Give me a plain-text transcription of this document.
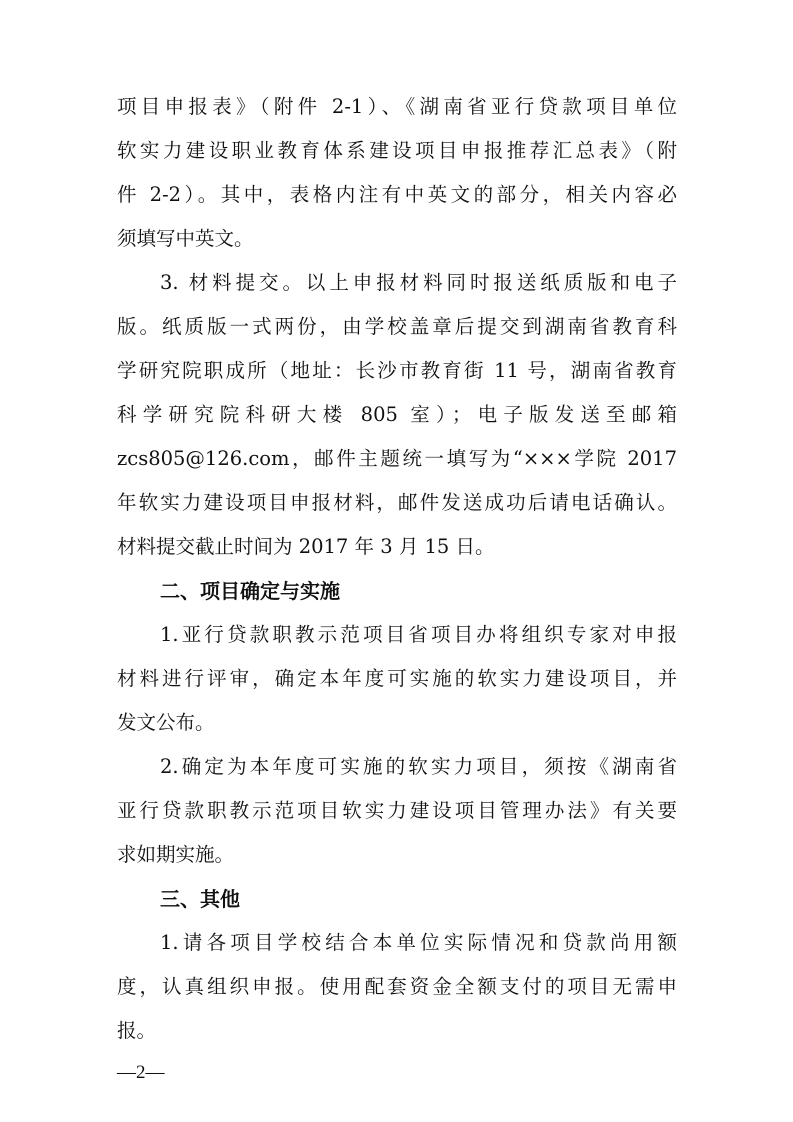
项目申报表》（附件 2-1）、《湖南省亚行贷款项目单位
软实力建设职业教育体系建设项目申报推荐汇总表》（附
件 2-2）。其中，表格内注有中英文的部分，相关内容必
须填写中英文。
3. 材料提交。以上申报材料同时报送纸质版和电子
版。纸质版一式两份，由学校盖章后提交到湖南省教育科
学研究院职成所（地址：长沙市教育街 11 号，湖南省教育
科学研究院科研大楼 805 室）；电子版发送至邮箱
zcs805@126.com，邮件主题统一填写为“×××学院 2017
年软实力建设项目申报材料，邮件发送成功后请电话确认。
材料提交截止时间为 2017 年 3 月 15 日。
二、项目确定与实施
1.亚行贷款职教示范项目省项目办将组织专家对申报
材料进行评审，确定本年度可实施的软实力建设项目，并
发文公布。
2.确定为本年度可实施的软实力项目，须按《湖南省
亚行贷款职教示范项目软实力建设项目管理办法》有关要
求如期实施。
三、其他
1.请各项目学校结合本单位实际情况和贷款尚用额
—2—
度，认真组织申报。使用配套资金全额支付的项目无需申
报。
